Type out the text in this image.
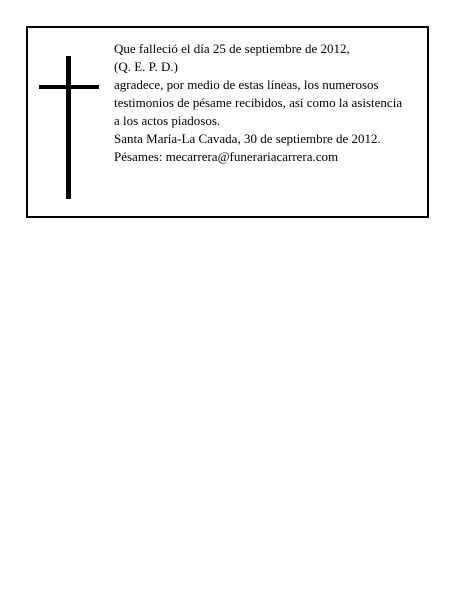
Que falleció el día 25 de septiembre de 2012,
(Q. E. P. D.)
agradece, por medio de estas líneas, los numerosos
testimonios de pésame recibidos, así como la asistencia
a los actos piadosos.
Santa María-La Cavada, 30 de septiembre de 2012.
Pésames: mecarrera@funerariacarrera.com
